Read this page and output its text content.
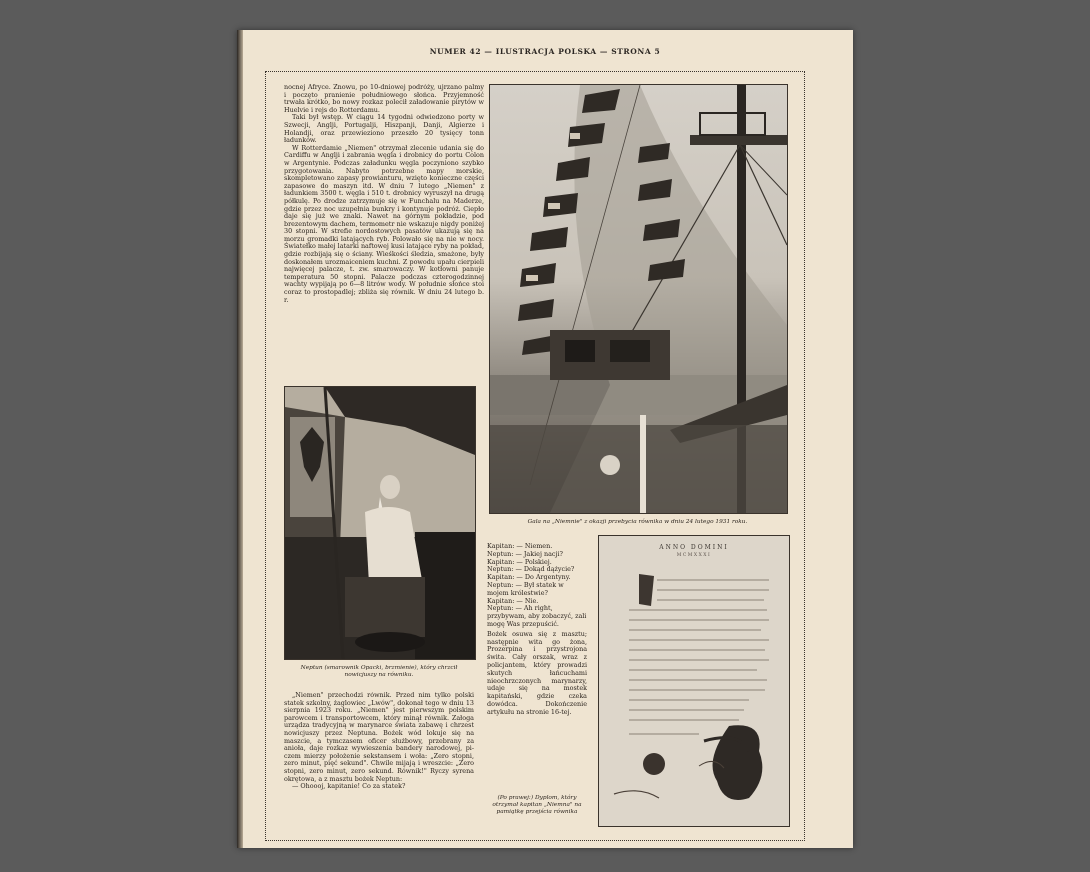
NUMER 42 — ILUSTRACJA POLSKA — STRONA 5

nocnej Afryce. Znowu, po 10-dniowej podróży, ujrzano palmy i poczęto pranienie południowego słońca. Przyjemność trwała krótko, bo nowy rozkaz polecił załadowanie pirytów w Huelvie i rejs do Rotterdamu.

Taki był wstęp. W ciągu 14 tygodni odwiedzono porty w Szwecji, Anglji, Portugalji, Hiszpanji, Danji, Algierze i Holandji, oraz przewieziono przeszło 20 tysięcy tonn ładunków.

W Rotterdamie „Niemen" otrzymał zlecenie udania się do Cardiffu w Anglji i zabrania węgla i drobnicy do portu Colon w Argentynie. Podczas załadunku węgla poczyniono szybko przygotowania. Nabyto potrzebne mapy morskie, skompletowano zapasy prowianturu, wzięto konieczne części zapasowe do maszyn itd. W dniu 7 lutego „Niemen" z ładunkiem 3500 t. węgla i 510 t. drobnicy wyruszył na drugą półkulę. Po drodze zatrzymuje się w Funchalu na Maderze, gdzie przez noc uzupełnia bunkry i kontynuje podróż. Ciepło daje się już we znaki. Nawet na górnym pokładzie, pod brezentowym dachem, termometr nie wskazuje nigdy poniżej 30 stopni. W strefie nordostowych pasatów ukazują się na morzu gromadki latających ryb. Polowało się na nie w nocy. Światełko małej latarki naftowej kusi latające ryby na pokład, gdzie rozbijają się o ściany. Wieśkości śledzia, smażone, były doskonałem urozmaiceniem kuchni. Z powodu upału cierpieli najwięcej palacze, t. zw. smarowaczy. W kotłowni panuje temperatura 50 stopni. Palacze podczas czterogodzinnej wachty wypijają po 6—8 litrów wody. W południe słońce stoi coraz to prostopadlej; zbliża się równik. W dniu 24 lutego b. r.

Gala na „Niemnie" z okazji przebycia równika w dniu 24 lutego 1931 roku.
Neptun (smarownik Opacki, brzmienie), który chrzcił nowicjuszy na równiku.

„Niemen" przechodzi równik. Przed nim tylko polski statek szkolny, żaglowiec „Lwów", dokonał tego w dniu 13 sierpnia 1923 roku. „Niemen" jest pierwszym polskim parowcem i transportowcem, który minął równik. Załoga urządza tradycyjną w marynarce świata zabawę i chrzest nowicjuszy przez Neptuna. Bożek wód lokuje się na maszcie, a tymczasem oficer służbowy, przebrany za anioła, daje rozkaz wywieszenia bandery narodowej, pi-czem mierzy położenie sekstansem i woła: „Zero stopni, zero minut, pięć sekund". Chwile mijają i wreszcie: „Zero stopni, zero minut, zero sekund. Równik!" Ryczy syrena okrętowa, a z masztu bożek Neptun:

— Ohoooj, kapitanie! Co za statek?

Kapitan: — Niemen.
Neptun: — Jakiej nacji?
Kapitan: — Polskiej.
Neptun: — Dokąd dążycie?
Kapitan: — Do Argentyny.
Neptun: — Był statek w mojem królestwie?
Kapitan: — Nie.
Neptun: — Ah right, przybywam, aby zobaczyć, zali mogę Was przepuścić.
Bożek osuwa się z masztu; następnie wita go żona, Prozerpina i przystrojona świta. Cały orszak, wraz z policjantem, który prowadzi skutych łańcuchami nieochrzczonych marynarzy, udaje się na mostek kapitański, gdzie czeka dowódca. Dokończenie artykułu na stronie 16-tej.
(Po prawej:) Dyplom, który otrzymał kapitan „Niemna" na pamiątkę przejścia równika
ANNO DOMINI
MCMXXXI
